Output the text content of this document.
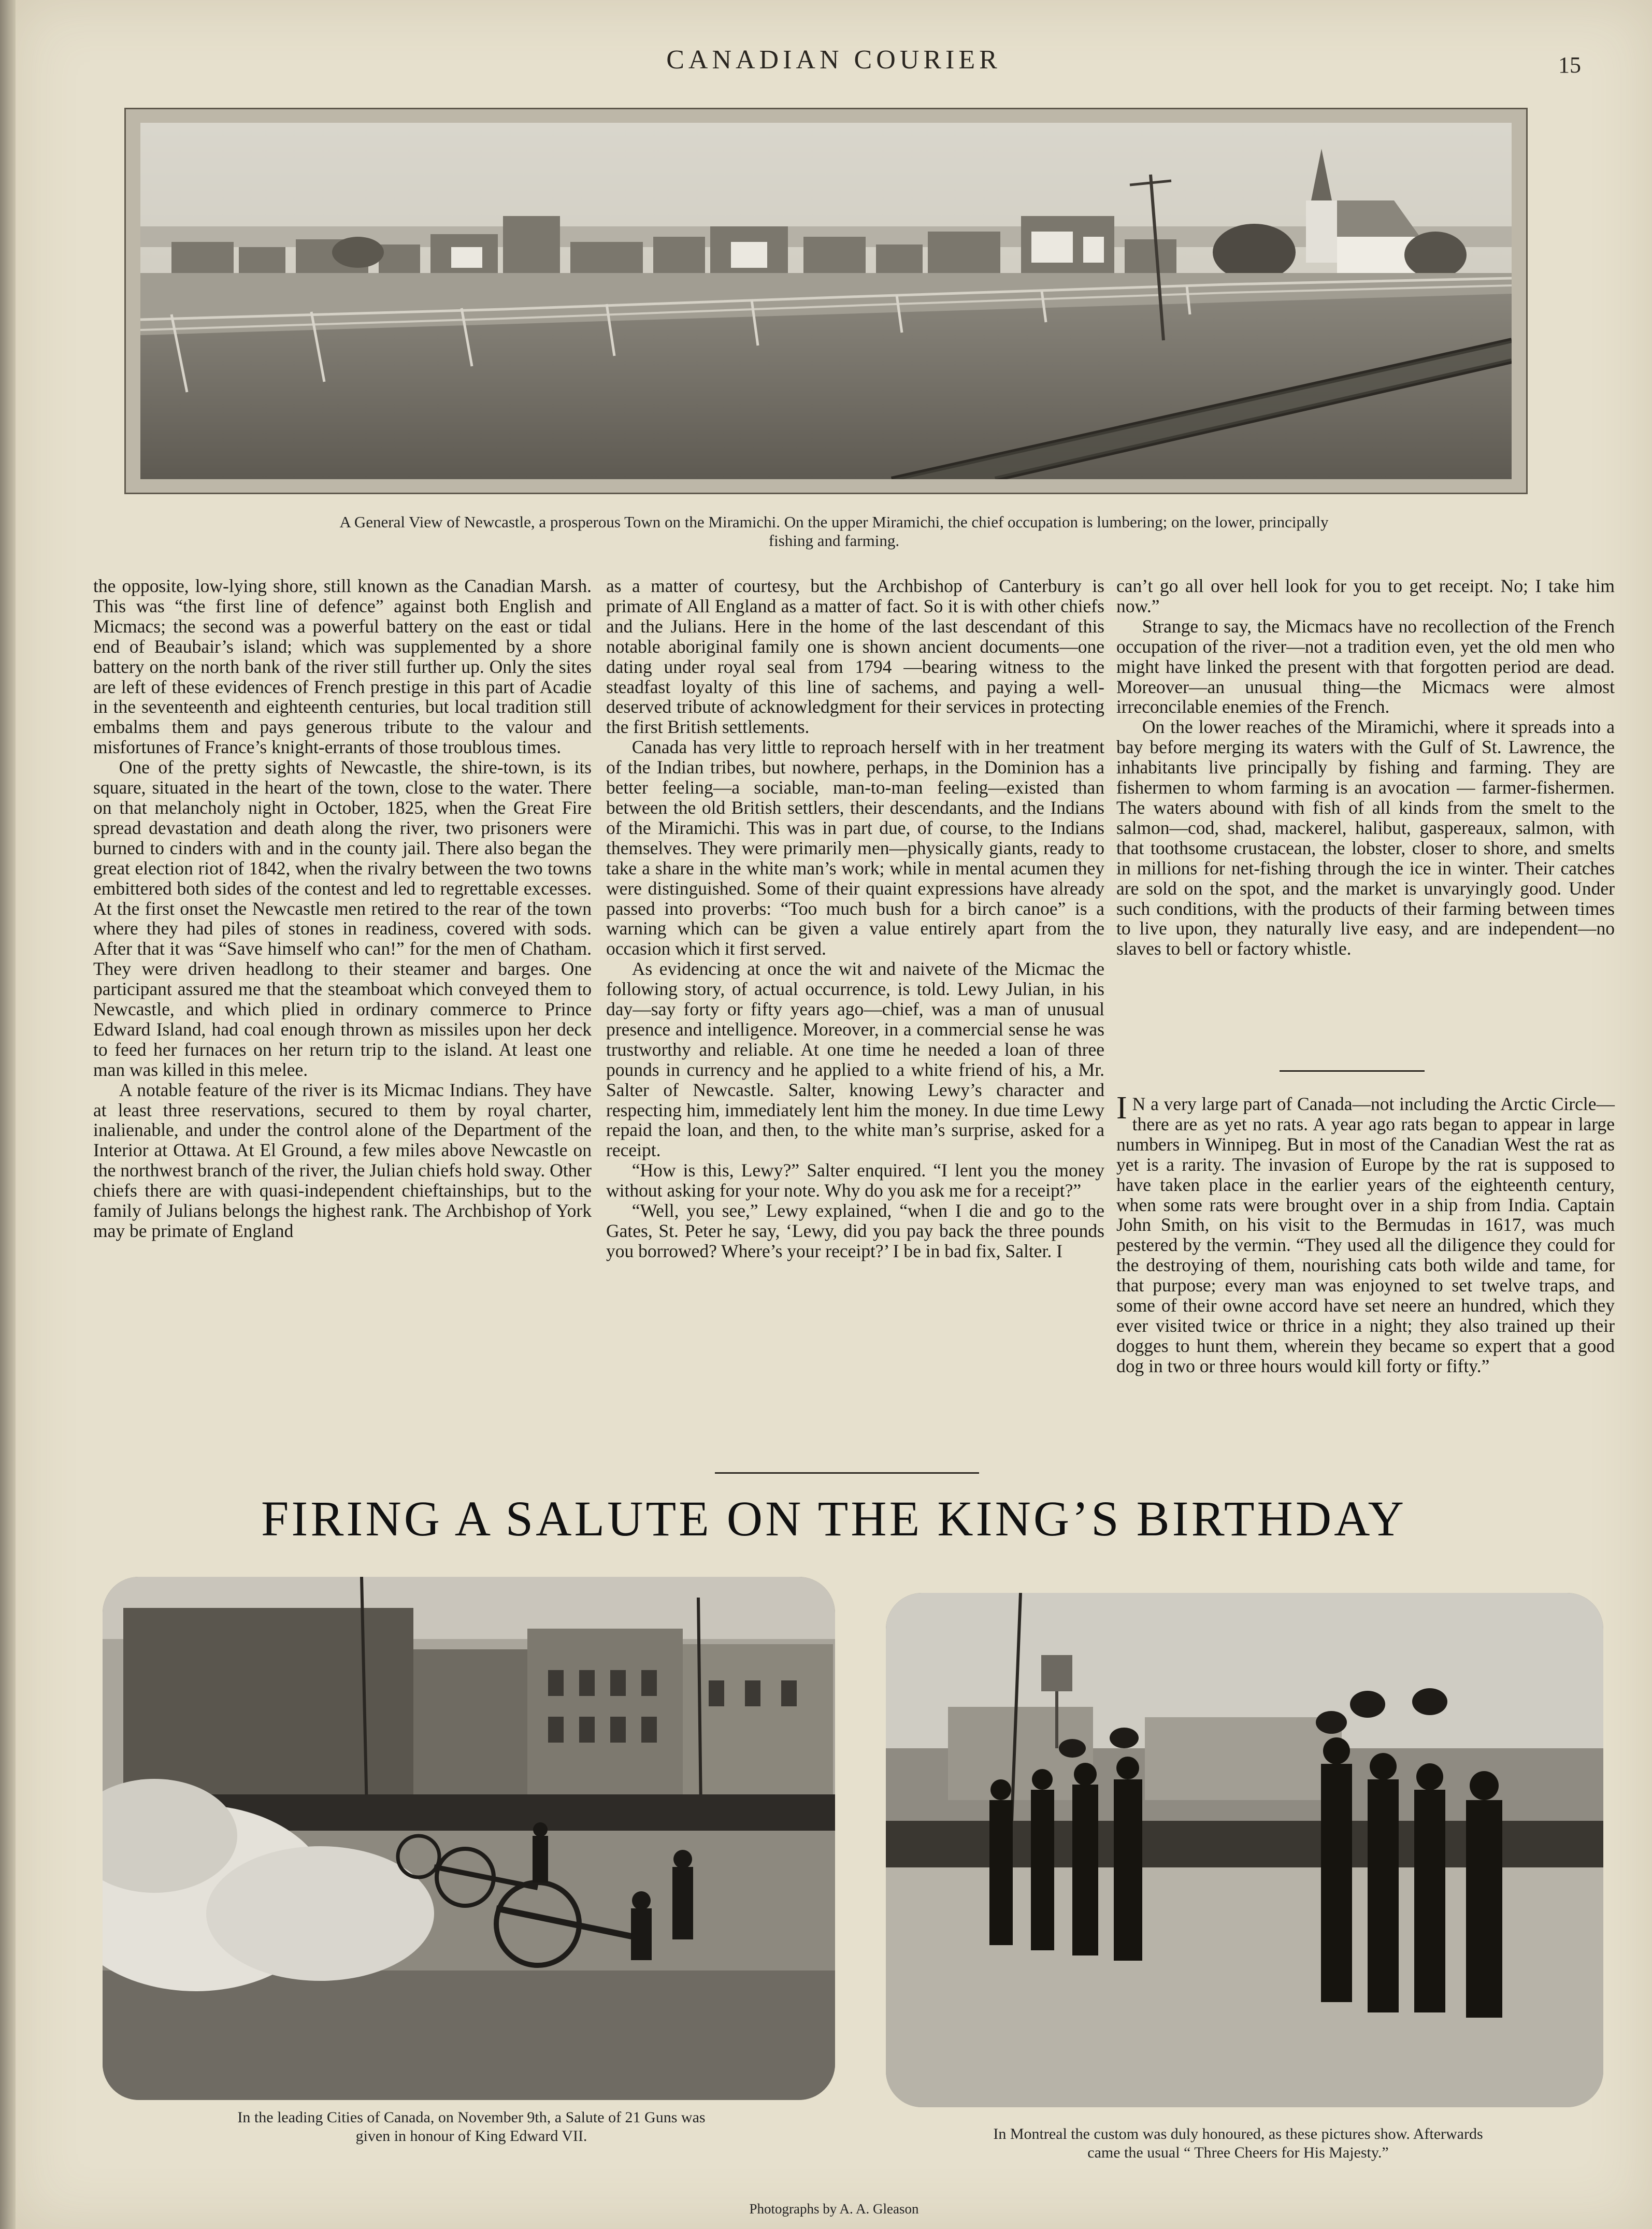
CANADIAN COURIER	15
A General View of Newcastle, a prosperous Town on the Miramichi. On the upper Miramichi, the chief occupation is lumbering; on the lower, principally
fishing and farming.

the opposite, low-lying shore, still known as the Canadian Marsh. This was “the first line of defence” against both English and Micmacs; the second was a powerful battery on the east or tidal end of Beaubair’s island; which was supplemented by a shore battery on the north bank of the river still further up. Only the sites are left of these evidences of French prestige in this part of Acadie in the seventeenth and eighteenth centuries, but local tradition still embalms them and pays generous tribute to the valour and misfortunes of France’s knight-errants of those troublous times.

One of the pretty sights of Newcastle, the shire-town, is its square, situated in the heart of the town, close to the water. There on that melancholy night in October, 1825, when the Great Fire spread devastation and death along the river, two prisoners were burned to cinders with and in the county jail. There also began the great election riot of 1842, when the rivalry between the two towns embittered both sides of the contest and led to regrettable excesses. At the first onset the Newcastle men retired to the rear of the town where they had piles of stones in readiness, covered with sods. After that it was “Save himself who can!” for the men of Chatham. They were driven headlong to their steamer and barges. One participant assured me that the steamboat which conveyed them to Newcastle, and which plied in ordinary commerce to Prince Edward Island, had coal enough thrown as missiles upon her deck to feed her furnaces on her return trip to the island. At least one man was killed in this melee.

A notable feature of the river is its Micmac Indians. They have at least three reservations, secured to them by royal charter, inalienable, and under the control alone of the Department of the Interior at Ottawa. At El Ground, a few miles above Newcastle on the northwest branch of the river, the Julian chiefs hold sway. Other chiefs there are with quasi-independent chieftainships, but to the family of Julians belongs the highest rank. The Archbishop of York may be primate of England

as a matter of courtesy, but the Archbishop of Canterbury is primate of All England as a matter of fact. So it is with other chiefs and the Julians. Here in the home of the last descendant of this notable aboriginal family one is shown ancient documents—one dating under royal seal from 1794 —bearing witness to the steadfast loyalty of this line of sachems, and paying a well-deserved tribute of acknowledgment for their services in protecting the first British settlements.

Canada has very little to reproach herself with in her treatment of the Indian tribes, but nowhere, perhaps, in the Dominion has a better feeling—a sociable, man-to-man feeling—existed than between the old British settlers, their descendants, and the Indians of the Miramichi. This was in part due, of course, to the Indians themselves. They were primarily men—physically giants, ready to take a share in the white man’s work; while in mental acumen they were distinguished. Some of their quaint expressions have already passed into proverbs: “Too much bush for a birch canoe” is a warning which can be given a value entirely apart from the occasion which it first served.

As evidencing at once the wit and naivete of the Micmac the following story, of actual occurrence, is told. Lewy Julian, in his day—say forty or fifty years ago—chief, was a man of unusual presence and intelligence. Moreover, in a commercial sense he was trustworthy and reliable. At one time he needed a loan of three pounds in currency and he applied to a white friend of his, a Mr. Salter of Newcastle. Salter, knowing Lewy’s character and respecting him, immediately lent him the money. In due time Lewy repaid the loan, and then, to the white man’s surprise, asked for a receipt.

“How is this, Lewy?” Salter enquired. “I lent you the money without asking for your note. Why do you ask me for a receipt?”

“Well, you see,” Lewy explained, “when I die and go to the Gates, St. Peter he say, ‘Lewy, did you pay back the three pounds you borrowed? Where’s your receipt?’ I be in bad fix, Salter. I

can’t go all over hell look for you to get receipt. No; I take him now.”

Strange to say, the Micmacs have no recollection of the French occupation of the river—not a tradition even, yet the old men who might have linked the present with that forgotten period are dead. Moreover—an unusual thing—the Micmacs were almost irreconcilable enemies of the French.

On the lower reaches of the Miramichi, where it spreads into a bay before merging its waters with the Gulf of St. Lawrence, the inhabitants live principally by fishing and farming. They are fishermen to whom farming is an avocation — farmer-fishermen. The waters abound with fish of all kinds from the smelt to the salmon—cod, shad, mackerel, halibut, gaspereaux, salmon, with that toothsome crustacean, the lobster, closer to shore, and smelts in millions for net-fishing through the ice in winter. Their catches are sold on the spot, and the market is unvaryingly good. Under such conditions, with the products of their farming between times to live upon, they naturally live easy, and are independent—no slaves to bell or factory whistle.

I N a very large part of Canada—not including the Arctic Circle—there are as yet no rats. A year ago rats began to appear in large numbers in Winnipeg. But in most of the Canadian West the rat as yet is a rarity. The invasion of Europe by the rat is supposed to have taken place in the earlier years of the eighteenth century, when some rats were brought over in a ship from India. Captain John Smith, on his visit to the Bermudas in 1617, was much pestered by the vermin. “They used all the diligence they could for the destroying of them, nourishing cats both wilde and tame, for that purpose; every man was enjoyned to set twelve traps, and some of their owne accord have set neere an hundred, which they ever visited twice or thrice in a night; they also trained up their dogges to hunt them, wherein they became so expert that a good dog in two or three hours would kill forty or fifty.”
FIRING A SALUTE ON THE KING’S BIRTHDAY
In the leading Cities of Canada, on November 9th, a Salute of 21 Guns was
given in honour of King Edward VII.	In Montreal the custom was duly honoured, as these pictures show. Afterwards
came the usual “ Three Cheers for His Majesty.”
Photographs by A. A. Gleason
